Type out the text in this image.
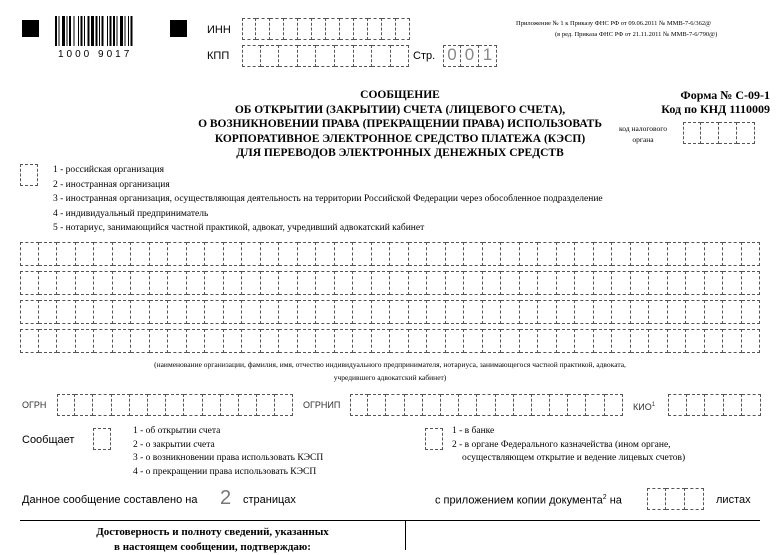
1000 9017
ИНН
КПП	Стр. 0 0 1
Приложение № 1 к Приказу ФНС РФ от 09.06.2011 № ММВ-7-6/362@
(в ред. Приказа ФНС РФ от 21.11.2011 № ММВ-7-6/790@)
СООБЩЕНИЕ
ОБ ОТКРЫТИИ (ЗАКРЫТИИ) СЧЕТА (ЛИЦЕВОГО СЧЕТА),
О ВОЗНИКНОВЕНИИ ПРАВА (ПРЕКРАЩЕНИИ ПРАВА) ИСПОЛЬЗОВАТЬ
КОРПОРАТИВНОЕ ЭЛЕКТРОННОЕ СРЕДСТВО ПЛАТЕЖА (КЭСП)
ДЛЯ ПЕРЕВОДОВ ЭЛЕКТРОННЫХ ДЕНЕЖНЫХ СРЕДСТВ
Форма № С-09-1
Код по КНД 1110009
код налогового
органа
1 - российская организация
2 - иностранная организация
3 - иностранная организация, осуществляющая деятельность на территории Российской Федерации через обособленное подразделение
4 - индивидуальный предприниматель
5 - нотариус, занимающийся частной практикой, адвокат, учредивший адвокатский кабинет
(наименование организации, фамилия, имя, отчество индивидуального предпринимателя, нотариуса, занимающегося частной практикой, адвоката,
учредившего адвокатский кабинет)
ОГРН	ОГРНИП	КИО$^1$
Сообщает
1 - об открытии счета
2 - о закрытии счета
3 - о возникновении права использовать КЭСП
4 - о прекращении права использовать КЭСП
1 - в банке
2 - в органе Федерального казначейства (ином органе,
осуществляющем открытие и ведение лицевых счетов)
Данное сообщение составлено на 2 страницах	с приложением копии документа$^2$ на	листах
Достоверность и полноту сведений, указанных
в настоящем сообщении, подтверждаю:
